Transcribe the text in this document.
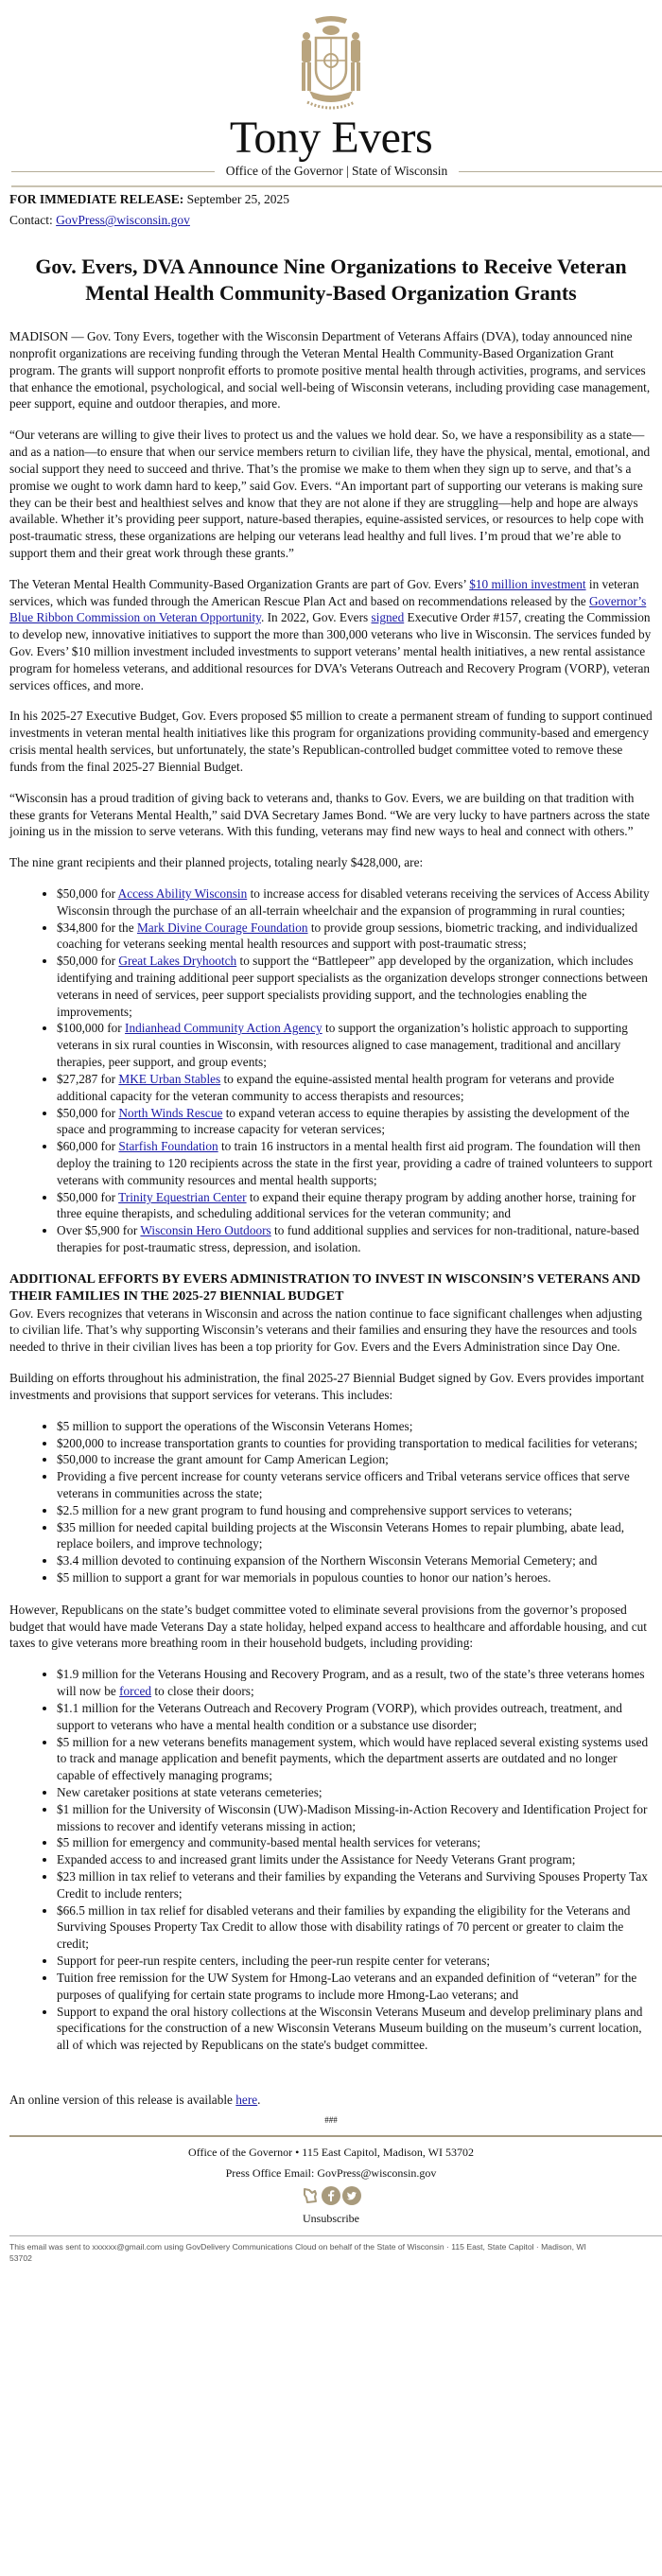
Tony Evers
Office of the Governor | State of Wisconsin

FOR IMMEDIATE RELEASE: September 25, 2025

Contact: GovPress@wisconsin.gov

Gov. Evers, DVA Announce Nine Organizations to Receive Veteran Mental Health Community-Based Organization Grants

MADISON — Gov. Tony Evers, together with the Wisconsin Department of Veterans Affairs (DVA), today announced nine nonprofit organizations are receiving funding through the Veteran Mental Health Community-Based Organization Grant program. The grants will support nonprofit efforts to promote positive mental health through activities, programs, and services that enhance the emotional, psychological, and social well-being of Wisconsin veterans, including providing case management, peer support, equine and outdoor therapies, and more.

“Our veterans are willing to give their lives to protect us and the values we hold dear. So, we have a responsibility as a state—and as a nation—to ensure that when our service members return to civilian life, they have the physical, mental, emotional, and social support they need to succeed and thrive. That’s the promise we make to them when they sign up to serve, and that’s a promise we ought to work damn hard to keep,” said Gov. Evers. “An important part of supporting our veterans is making sure they can be their best and healthiest selves and know that they are not alone if they are struggling—help and hope are always available. Whether it’s providing peer support, nature-based therapies, equine-assisted services, or resources to help cope with post-traumatic stress, these organizations are helping our veterans lead healthy and full lives. I’m proud that we’re able to support them and their great work through these grants.”

The Veteran Mental Health Community-Based Organization Grants are part of Gov. Evers’ $10 million investment in veteran services, which was funded through the American Rescue Plan Act and based on recommendations released by the Governor’s Blue Ribbon Commission on Veteran Opportunity. In 2022, Gov. Evers signed Executive Order #157, creating the Commission to develop new, innovative initiatives to support the more than 300,000 veterans who live in Wisconsin. The services funded by Gov. Evers’ $10 million investment included investments to support veterans’ mental health initiatives, a new rental assistance program for homeless veterans, and additional resources for DVA’s Veterans Outreach and Recovery Program (VORP), veteran services offices, and more.

In his 2025-27 Executive Budget, Gov. Evers proposed $5 million to create a permanent stream of funding to support continued investments in veteran mental health initiatives like this program for organizations providing community-based and emergency crisis mental health services, but unfortunately, the state’s Republican-controlled budget committee voted to remove these funds from the final 2025-27 Biennial Budget.

“Wisconsin has a proud tradition of giving back to veterans and, thanks to Gov. Evers, we are building on that tradition with these grants for Veterans Mental Health,” said DVA Secretary James Bond. “We are very lucky to have partners across the state joining us in the mission to serve veterans. With this funding, veterans may find new ways to heal and connect with others.”

The nine grant recipients and their planned projects, totaling nearly $428,000, are:

• $50,000 for Access Ability Wisconsin to increase access for disabled veterans receiving the services of Access Ability Wisconsin through the purchase of an all-terrain wheelchair and the expansion of programming in rural counties;
• $34,800 for the Mark Divine Courage Foundation to provide group sessions, biometric tracking, and individualized coaching for veterans seeking mental health resources and support with post-traumatic stress;
• $50,000 for Great Lakes Dryhootch to support the “Battlepeer” app developed by the organization, which includes identifying and training additional peer support specialists as the organization develops stronger connections between veterans in need of services, peer support specialists providing support, and the technologies enabling the improvements;
• $100,000 for Indianhead Community Action Agency to support the organization’s holistic approach to supporting veterans in six rural counties in Wisconsin, with resources aligned to case management, traditional and ancillary therapies, peer support, and group events;
• $27,287 for MKE Urban Stables to expand the equine-assisted mental health program for veterans and provide additional capacity for the veteran community to access therapists and resources;
• $50,000 for North Winds Rescue to expand veteran access to equine therapies by assisting the development of the space and programming to increase capacity for veteran services;
• $60,000 for Starfish Foundation to train 16 instructors in a mental health first aid program. The foundation will then deploy the training to 120 recipients across the state in the first year, providing a cadre of trained volunteers to support veterans with community resources and mental health supports;
• $50,000 for Trinity Equestrian Center to expand their equine therapy program by adding another horse, training for three equine therapists, and scheduling additional services for the veteran community; and
• Over $5,900 for Wisconsin Hero Outdoors to fund additional supplies and services for non-traditional, nature-based therapies for post-traumatic stress, depression, and isolation.
ADDITIONAL EFFORTS BY EVERS ADMINISTRATION TO INVEST IN WISCONSIN’S VETERANS AND THEIR FAMILIES IN THE 2025-27 BIENNIAL BUDGET

Gov. Evers recognizes that veterans in Wisconsin and across the nation continue to face significant challenges when adjusting to civilian life. That’s why supporting Wisconsin’s veterans and their families and ensuring they have the resources and tools needed to thrive in their civilian lives has been a top priority for Gov. Evers and the Evers Administration since Day One.

Building on efforts throughout his administration, the final 2025-27 Biennial Budget signed by Gov. Evers provides important investments and provisions that support services for veterans. This includes:

• $5 million to support the operations of the Wisconsin Veterans Homes;
• $200,000 to increase transportation grants to counties for providing transportation to medical facilities for veterans;
• $50,000 to increase the grant amount for Camp American Legion;
• Providing a five percent increase for county veterans service officers and Tribal veterans service offices that serve veterans in communities across the state;
• $2.5 million for a new grant program to fund housing and comprehensive support services to veterans;
• $35 million for needed capital building projects at the Wisconsin Veterans Homes to repair plumbing, abate lead, replace boilers, and improve technology;
• $3.4 million devoted to continuing expansion of the Northern Wisconsin Veterans Memorial Cemetery; and
• $5 million to support a grant for war memorials in populous counties to honor our nation’s heroes.

However, Republicans on the state’s budget committee voted to eliminate several provisions from the governor’s proposed budget that would have made Veterans Day a state holiday, helped expand access to healthcare and affordable housing, and cut taxes to give veterans more breathing room in their household budgets, including providing:

• $1.9 million for the Veterans Housing and Recovery Program, and as a result, two of the state’s three veterans homes will now be forced to close their doors;
• $1.1 million for the Veterans Outreach and Recovery Program (VORP), which provides outreach, treatment, and support to veterans who have a mental health condition or a substance use disorder;
• $5 million for a new veterans benefits management system, which would have replaced several existing systems used to track and manage application and benefit payments, which the department asserts are outdated and no longer capable of effectively managing programs;
• New caretaker positions at state veterans cemeteries;
• $1 million for the University of Wisconsin (UW)-Madison Missing-in-Action Recovery and Identification Project for missions to recover and identify veterans missing in action;
• $5 million for emergency and community-based mental health services for veterans;
• Expanded access to and increased grant limits under the Assistance for Needy Veterans Grant program;
• $23 million in tax relief to veterans and their families by expanding the Veterans and Surviving Spouses Property Tax Credit to include renters;
• $66.5 million in tax relief for disabled veterans and their families by expanding the eligibility for the Veterans and Surviving Spouses Property Tax Credit to allow those with disability ratings of 70 percent or greater to claim the credit;
• Support for peer-run respite centers, including the peer-run respite center for veterans;
• Tuition free remission for the UW System for Hmong-Lao veterans and an expanded definition of “veteran” for the purposes of qualifying for certain state programs to include more Hmong-Lao veterans; and
• Support to expand the oral history collections at the Wisconsin Veterans Museum and develop preliminary plans and specifications for the construction of a new Wisconsin Veterans Museum building on the museum’s current location, all of which was rejected by Republicans on the state's budget committee.

An online version of this release is available here.

###

Office of the Governor • 115 East Capitol, Madison, WI 53702

Press Office Email: GovPress@wisconsin.gov

Unsubscribe
This email was sent to xxxxxx@gmail.com using GovDelivery Communications Cloud on behalf of the State of Wisconsin · 115 East, State Capitol · Madison, WI 53702
